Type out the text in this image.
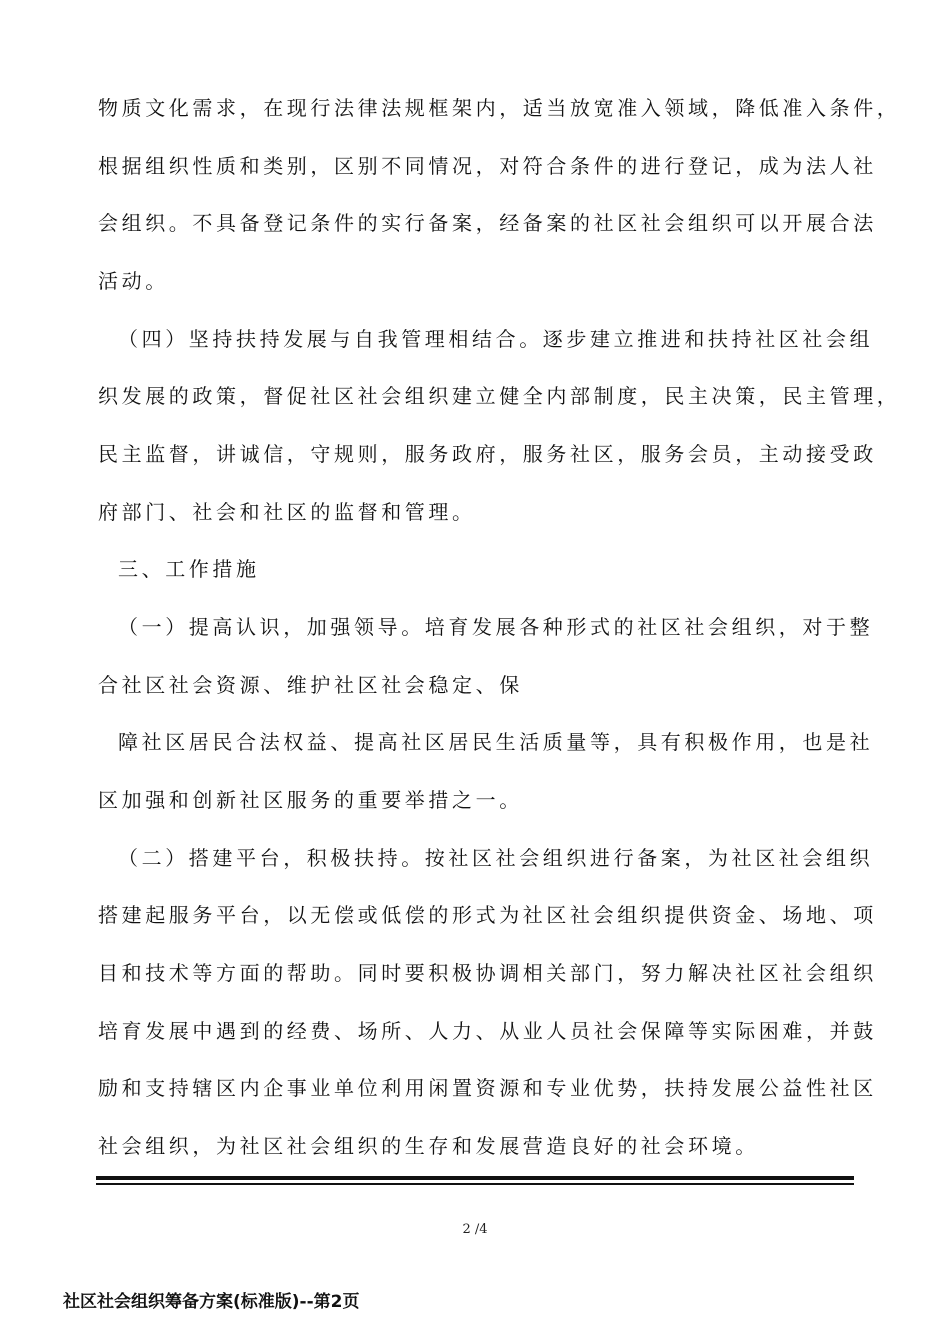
物质文化需求，在现行法律法规框架内，适当放宽准入领域，降低准入条件，
根据组织性质和类别，区别不同情况，对符合条件的进行登记，成为法人社
会组织。不具备登记条件的实行备案，经备案的社区社会组织可以开展合法
活动。
（四）坚持扶持发展与自我管理相结合。逐步建立推进和扶持社区社会组
织发展的政策，督促社区社会组织建立健全内部制度，民主决策，民主管理，
民主监督，讲诚信，守规则，服务政府，服务社区，服务会员，主动接受政
府部门、社会和社区的监督和管理。
三、工作措施
（一）提高认识，加强领导。培育发展各种形式的社区社会组织，对于整
合社区社会资源、维护社区社会稳定、保
障社区居民合法权益、提高社区居民生活质量等，具有积极作用，也是社
区加强和创新社区服务的重要举措之一。
（二）搭建平台，积极扶持。按社区社会组织进行备案，为社区社会组织
搭建起服务平台，以无偿或低偿的形式为社区社会组织提供资金、场地、项
目和技术等方面的帮助。同时要积极协调相关部门，努力解决社区社会组织
培育发展中遇到的经费、场所、人力、从业人员社会保障等实际困难，并鼓
励和支持辖区内企事业单位利用闲置资源和专业优势，扶持发展公益性社区
社会组织，为社区社会组织的生存和发展营造良好的社会环境。
2 /4
社区社会组织筹备方案(标准版)--第2页
